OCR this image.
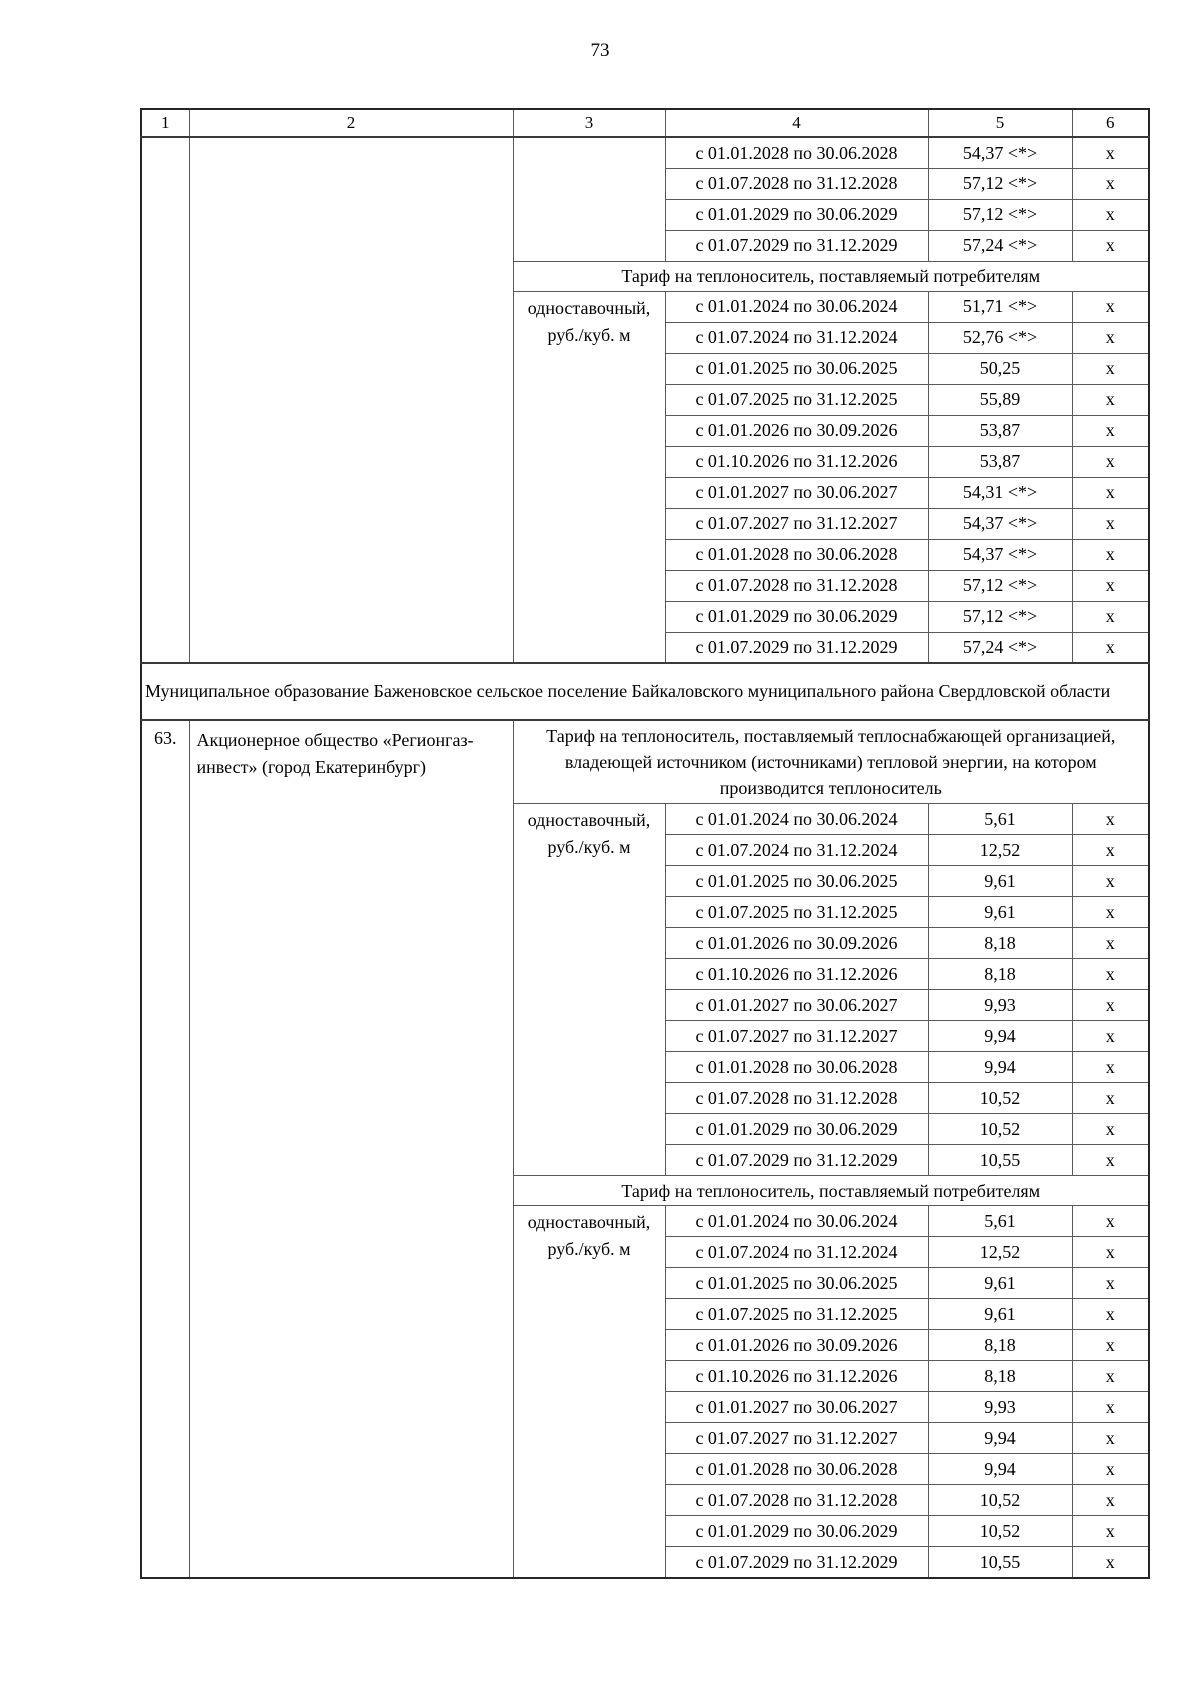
73
1	2	3	4	5	6
			с 01.01.2028 по 30.06.2028	54,37 <*>	х
			с 01.07.2028 по 31.12.2028	57,12 <*>	х
			с 01.01.2029 по 30.06.2029	57,12 <*>	х
			с 01.07.2029 по 31.12.2029	57,24 <*>	х
		Тариф на теплоноситель, поставляемый потребителям			
		одноставочный, руб./куб. м	с 01.01.2024 по 30.06.2024	51,71 <*>	х
			с 01.07.2024 по 31.12.2024	52,76 <*>	х
			с 01.01.2025 по 30.06.2025	50,25	х
			с 01.07.2025 по 31.12.2025	55,89	х
			с 01.01.2026 по 30.09.2026	53,87	х
			с 01.10.2026 по 31.12.2026	53,87	х
			с 01.01.2027 по 30.06.2027	54,31 <*>	х
			с 01.07.2027 по 31.12.2027	54,37 <*>	х
			с 01.01.2028 по 30.06.2028	54,37 <*>	х
			с 01.07.2028 по 31.12.2028	57,12 <*>	х
			с 01.01.2029 по 30.06.2029	57,12 <*>	х
			с 01.07.2029 по 31.12.2029	57,24 <*>	х
Муниципальное образование Баженовское сельское поселение Байкаловского муниципального района Свердловской области					
63.	Акционерное общество «Регионгаз-инвест» (город Екатеринбург)	Тариф на теплоноситель, поставляемый теплоснабжающей организацией, владеющей источником (источниками) тепловой энергии, на котором производится теплоноситель			
		одноставочный, руб./куб. м	с 01.01.2024 по 30.06.2024	5,61	х
			с 01.07.2024 по 31.12.2024	12,52	х
			с 01.01.2025 по 30.06.2025	9,61	х
			с 01.07.2025 по 31.12.2025	9,61	х
			с 01.01.2026 по 30.09.2026	8,18	х
			с 01.10.2026 по 31.12.2026	8,18	х
			с 01.01.2027 по 30.06.2027	9,93	х
			с 01.07.2027 по 31.12.2027	9,94	х
			с 01.01.2028 по 30.06.2028	9,94	х
			с 01.07.2028 по 31.12.2028	10,52	х
			с 01.01.2029 по 30.06.2029	10,52	х
			с 01.07.2029 по 31.12.2029	10,55	х
		Тариф на теплоноситель, поставляемый потребителям			
		одноставочный, руб./куб. м	с 01.01.2024 по 30.06.2024	5,61	х
			с 01.07.2024 по 31.12.2024	12,52	х
			с 01.01.2025 по 30.06.2025	9,61	х
			с 01.07.2025 по 31.12.2025	9,61	х
			с 01.01.2026 по 30.09.2026	8,18	х
			с 01.10.2026 по 31.12.2026	8,18	х
			с 01.01.2027 по 30.06.2027	9,93	х
			с 01.07.2027 по 31.12.2027	9,94	х
			с 01.01.2028 по 30.06.2028	9,94	х
			с 01.07.2028 по 31.12.2028	10,52	х
			с 01.01.2029 по 30.06.2029	10,52	х
			с 01.07.2029 по 31.12.2029	10,55	х
